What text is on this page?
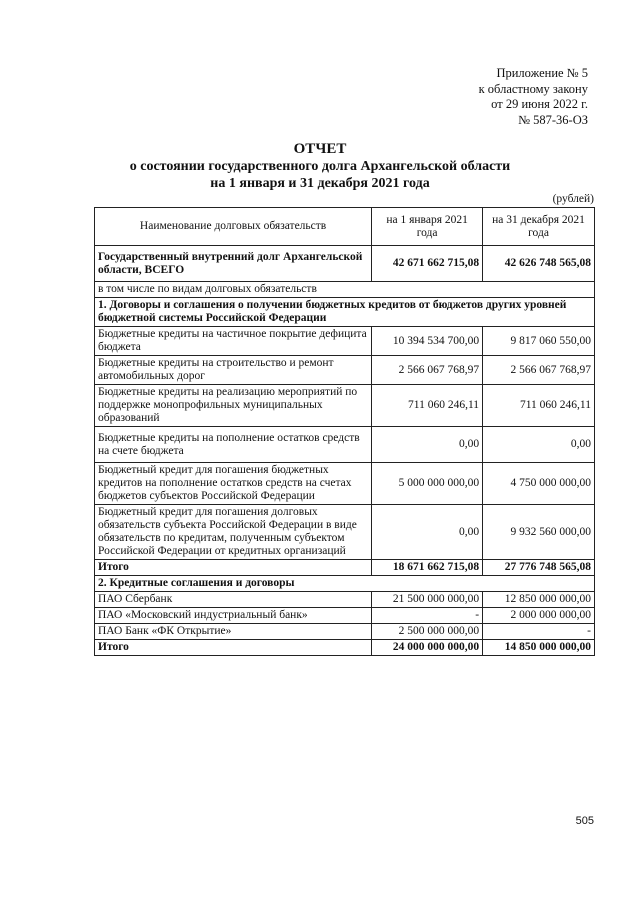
Приложение № 5
к областному закону
от 29 июня 2022 г.
№ 587-36-ОЗ
ОТЧЕТ
о состоянии государственного долга Архангельской области
на 1 января и 31 декабря 2021 года
(рублей)
Наименование долговых обязательств	на 1 января 2021 года	на 31 декабря 2021 года
Государственный внутренний долг Архангельской области, ВСЕГО	42 671 662 715,08	42 626 748 565,08
в том числе по видам долговых обязательств		
1. Договоры и соглашения о получении бюджетных кредитов от бюджетов других уровней бюджетной системы Российской Федерации		
Бюджетные кредиты на частичное покрытие дефицита бюджета	10 394 534 700,00	9 817 060 550,00
Бюджетные кредиты на строительство и ремонт автомобильных дорог	2 566 067 768,97	2 566 067 768,97
Бюджетные кредиты на реализацию мероприятий по поддержке монопрофильных муниципальных образований	711 060 246,11	711 060 246,11
Бюджетные кредиты на пополнение остатков средств на счете бюджета	0,00	0,00
Бюджетный кредит для погашения бюджетных кредитов на пополнение остатков средств на счетах бюджетов субъектов Российской Федерации	5 000 000 000,00	4 750 000 000,00
Бюджетный кредит для погашения долговых обязательств субъекта Российской Федерации в виде обязательств по кредитам, полученным субъектом Российской Федерации от кредитных организаций	0,00	9 932 560 000,00
Итого	18 671 662 715,08	27 776 748 565,08
2. Кредитные соглашения и договоры		
ПАО Сбербанк	21 500 000 000,00	12 850 000 000,00
ПАО «Московский индустриальный банк»	-	2 000 000 000,00
ПАО Банк «ФК Открытие»	2 500 000 000,00	-
Итого	24 000 000 000,00	14 850 000 000,00
505
